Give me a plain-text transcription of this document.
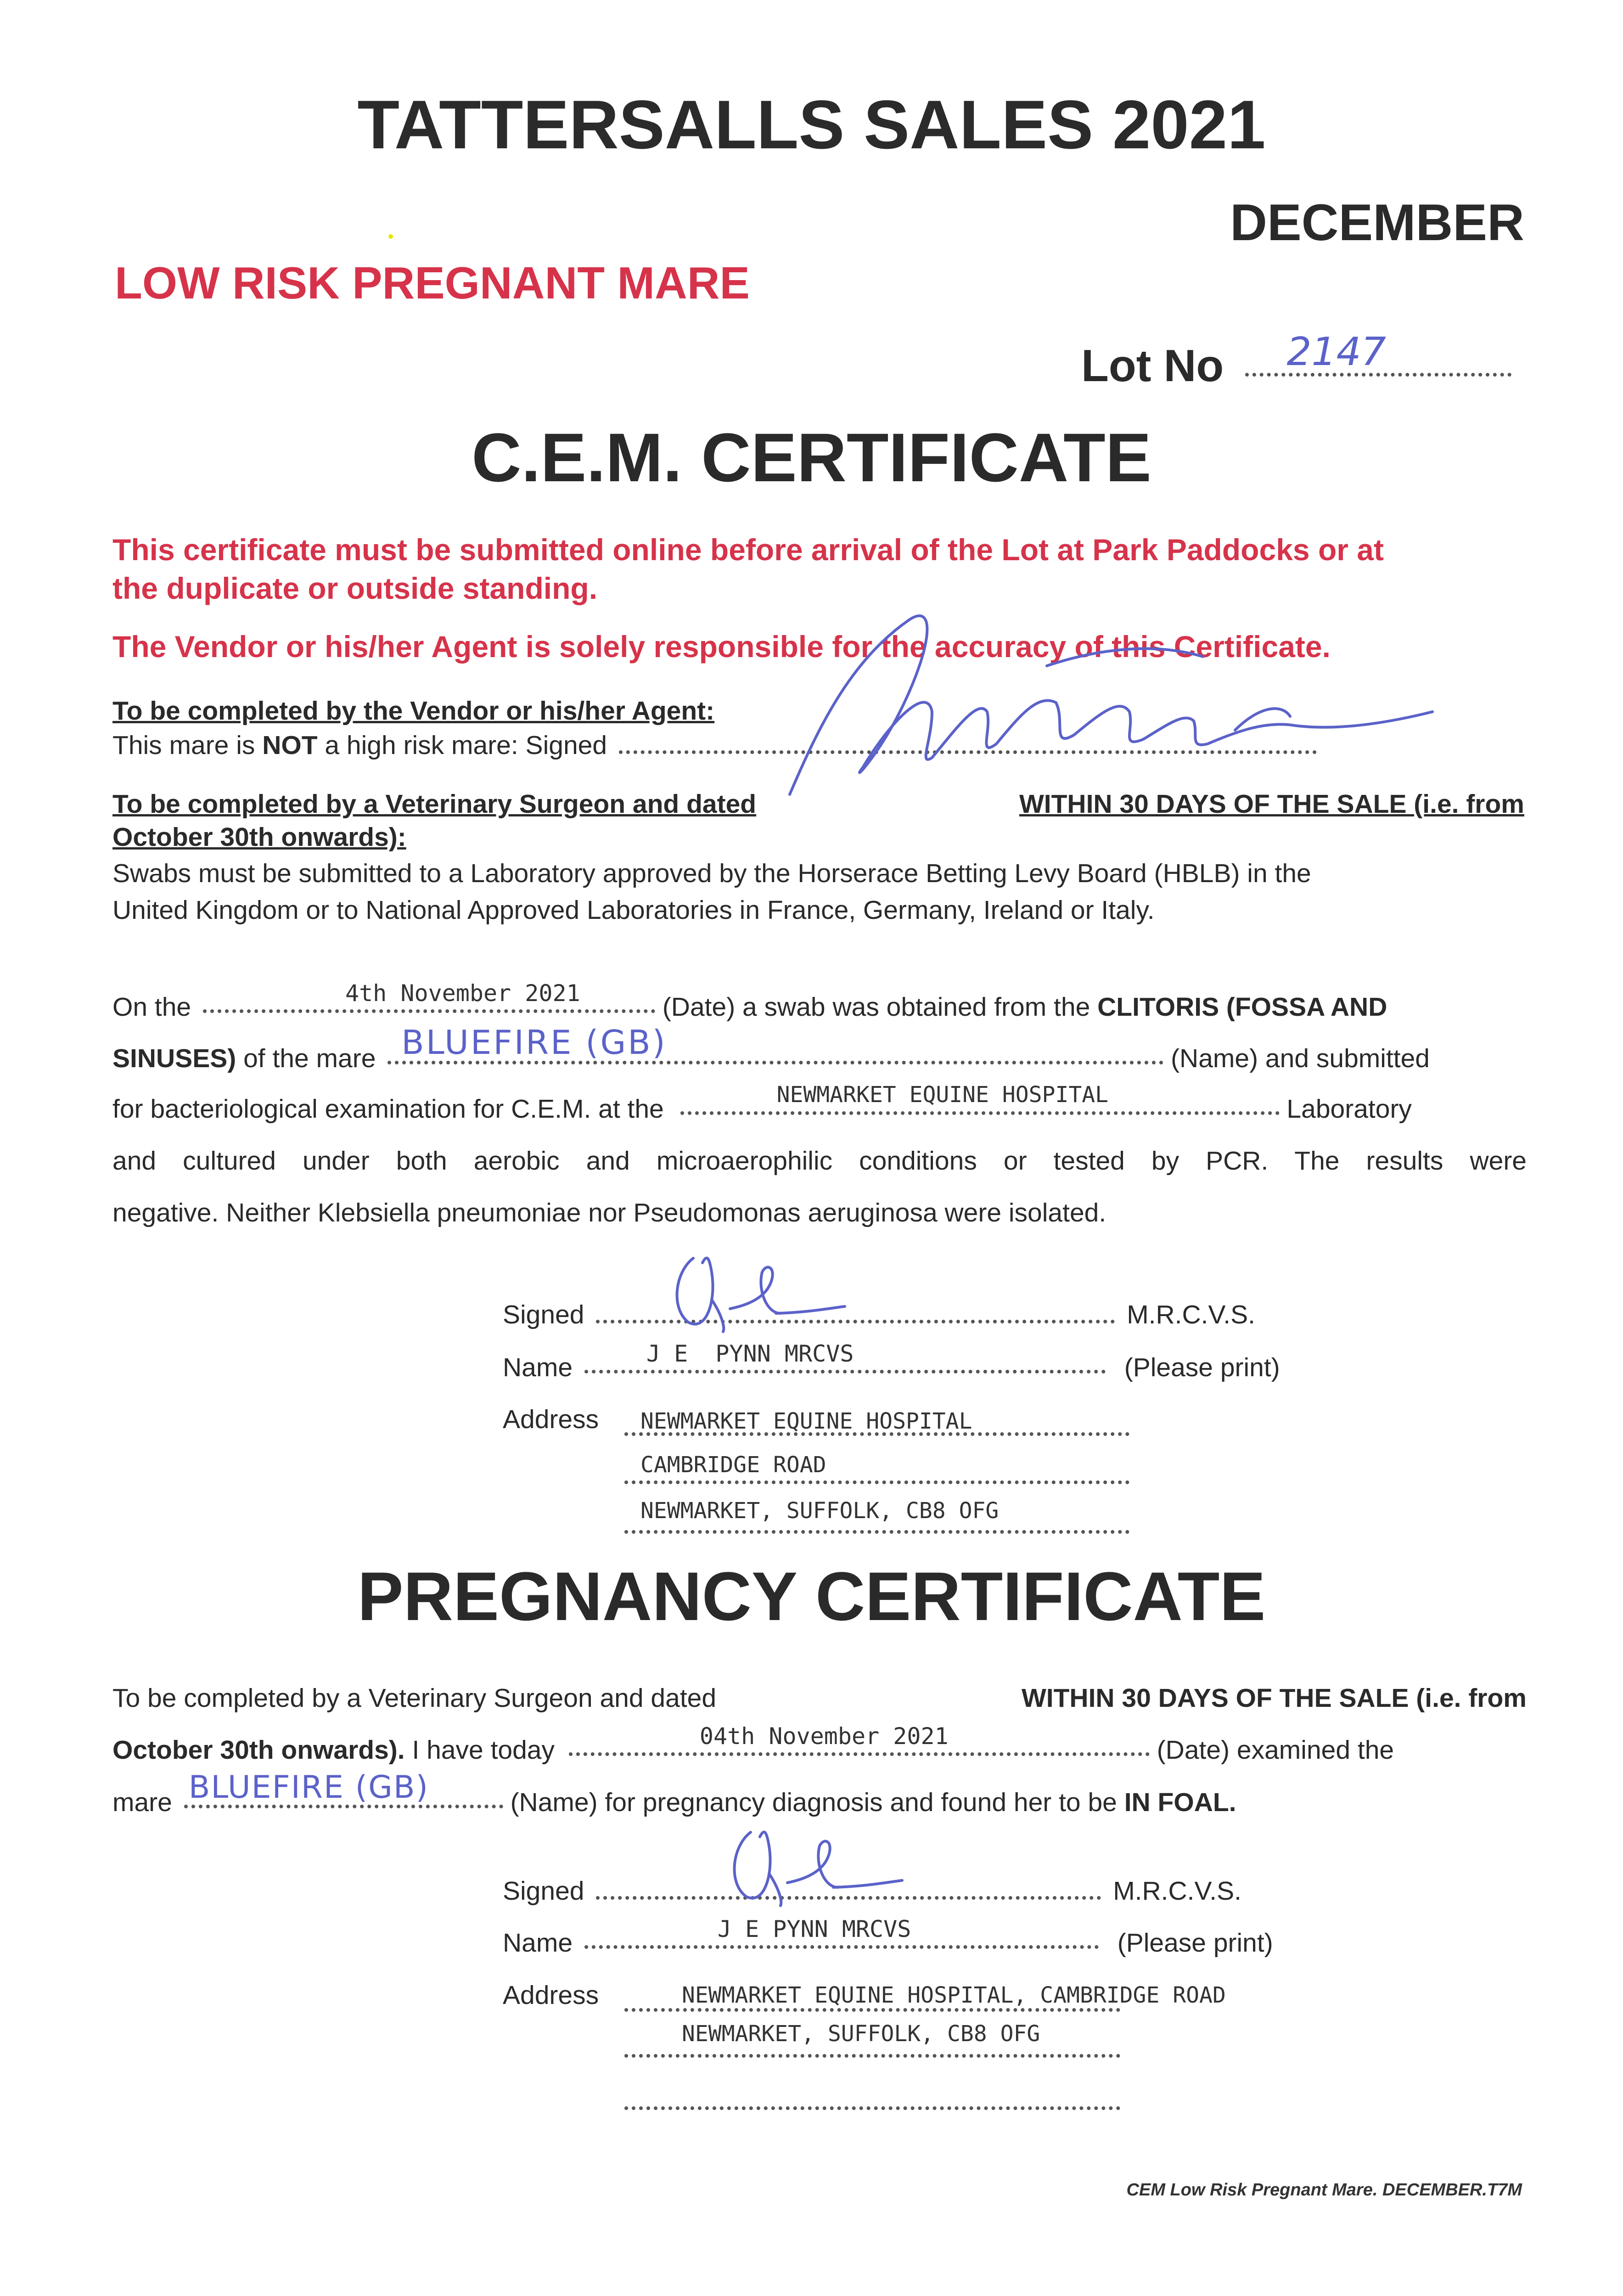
TATTERSALLS SALES 2021
DECEMBER
LOW RISK PREGNANT MARE
Lot No 2147
C.E.M. CERTIFICATE
This certificate must be submitted online before arrival of the Lot at Park Paddocks or at
the duplicate or outside standing.
The Vendor or his/her Agent is solely responsible for the accuracy of this Certificate.
To be completed by the Vendor or his/her Agent:
This mare is NOT a high risk mare: Signed
To be completed by a Veterinary Surgeon and dated	WITHIN 30 DAYS OF THE SALE (i.e. from
October 30th onwards):
Swabs must be submitted to a Laboratory approved by the Horserace Betting Levy Board (HBLB) in the
United Kingdom or to National Approved Laboratories in France, Germany, Ireland or Italy.
On the	4th November 2021	(Date) a swab was obtained from the CLITORIS (FOSSA AND
SINUSES) of the mare BLUEFIRE (GB)	(Name) and submitted
for bacteriological examination for C.E.M. at the	NEWMARKET EQUINE HOSPITAL	Laboratory
and cultured under both aerobic and microaerophilic conditions or tested by PCR. The results were
negative. Neither Klebsiella pneumoniae nor Pseudomonas aeruginosa were isolated.
Signed	M.R.C.V.S.
Name	J E  PYNN MRCVS	(Please print)
Address NEWMARKET EQUINE HOSPITAL
CAMBRIDGE ROAD
NEWMARKET, SUFFOLK, CB8 OFG
PREGNANCY CERTIFICATE
To be completed by a Veterinary Surgeon and dated	WITHIN 30 DAYS OF THE SALE (i.e. from
October 30th onwards). I have today	04th November 2021	(Date) examined the
mare BLUEFIRE (GB)	(Name) for pregnancy diagnosis and found her to be IN FOAL.
Signed	M.R.C.V.S.
Name	J E PYNN MRCVS	(Please print)
Address	NEWMARKET EQUINE HOSPITAL, CAMBRIDGE ROAD
NEWMARKET, SUFFOLK, CB8 OFG
CEM Low Risk Pregnant Mare. DECEMBER.T7M
